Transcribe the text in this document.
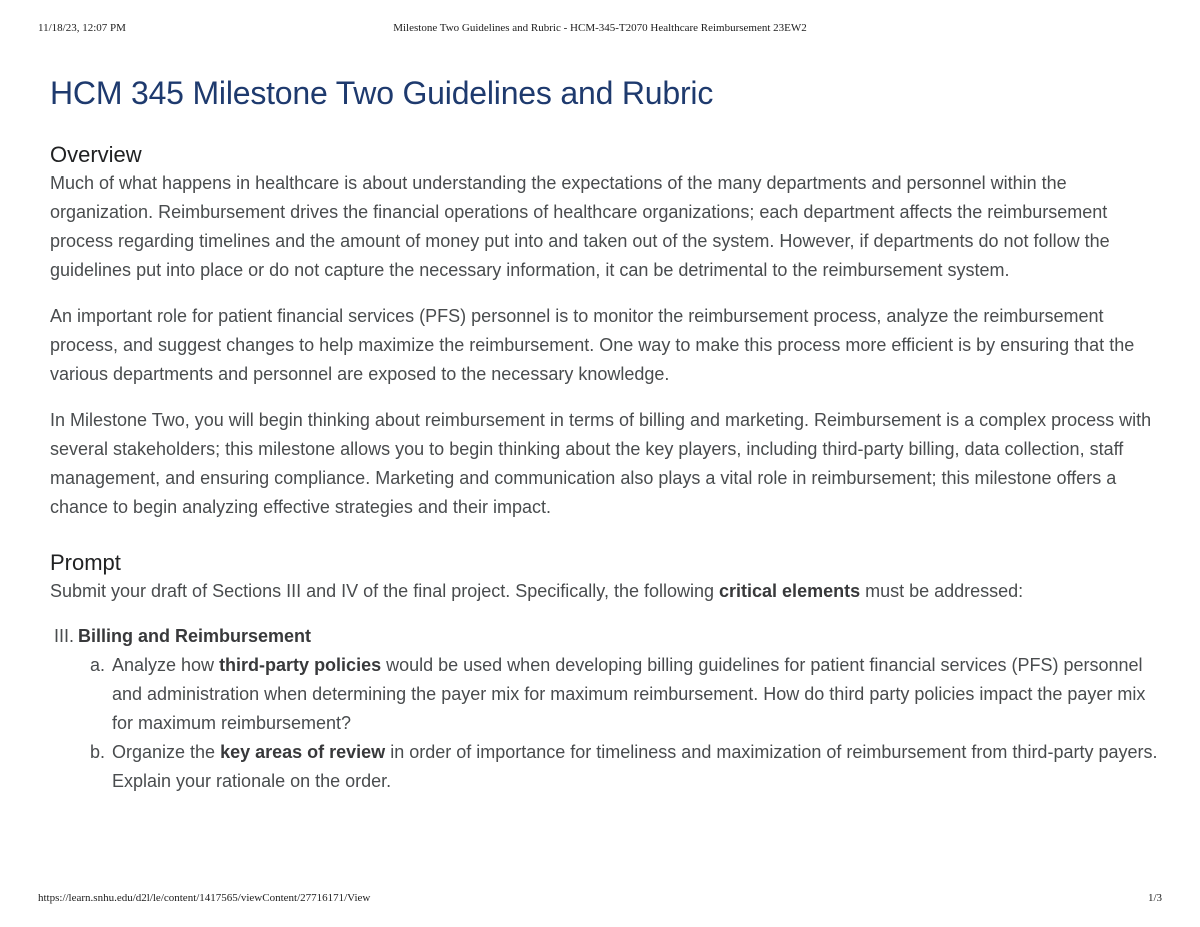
11/18/23, 12:07 PM	Milestone Two Guidelines and Rubric - HCM-345-T2070 Healthcare Reimbursement 23EW2
HCM 345 Milestone Two Guidelines and Rubric
Overview

Much of what happens in healthcare is about understanding the expectations of the many departments and personnel within the organization. Reimbursement drives the financial operations of healthcare organizations; each department affects the reimbursement process regarding timelines and the amount of money put into and taken out of the system. However, if departments do not follow the guidelines put into place or do not capture the necessary information, it can be detrimental to the reimbursement system.

An important role for patient financial services (PFS) personnel is to monitor the reimbursement process, analyze the reimbursement process, and suggest changes to help maximize the reimbursement. One way to make this process more efficient is by ensuring that the various departments and personnel are exposed to the necessary knowledge.

In Milestone Two, you will begin thinking about reimbursement in terms of billing and marketing. Reimbursement is a complex process with several stakeholders; this milestone allows you to begin thinking about the key players, including third-party billing, data collection, staff management, and ensuring compliance. Marketing and communication also plays a vital role in reimbursement; this milestone offers a chance to begin analyzing effective strategies and their impact.

Prompt

Submit your draft of Sections III and IV of the final project. Specifically, the following critical elements must be addressed:

III. Billing and Reimbursement
a. Analyze how third-party policies would be used when developing billing guidelines for patient financial services (PFS) personnel and administration when determining the payer mix for maximum reimbursement. How do third party policies impact the payer mix for maximum reimbursement?
b. Organize the key areas of review in order of importance for timeliness and maximization of reimbursement from third-party payers. Explain your rationale on the order.
https://learn.snhu.edu/d2l/le/content/1417565/viewContent/27716171/View	1/3
